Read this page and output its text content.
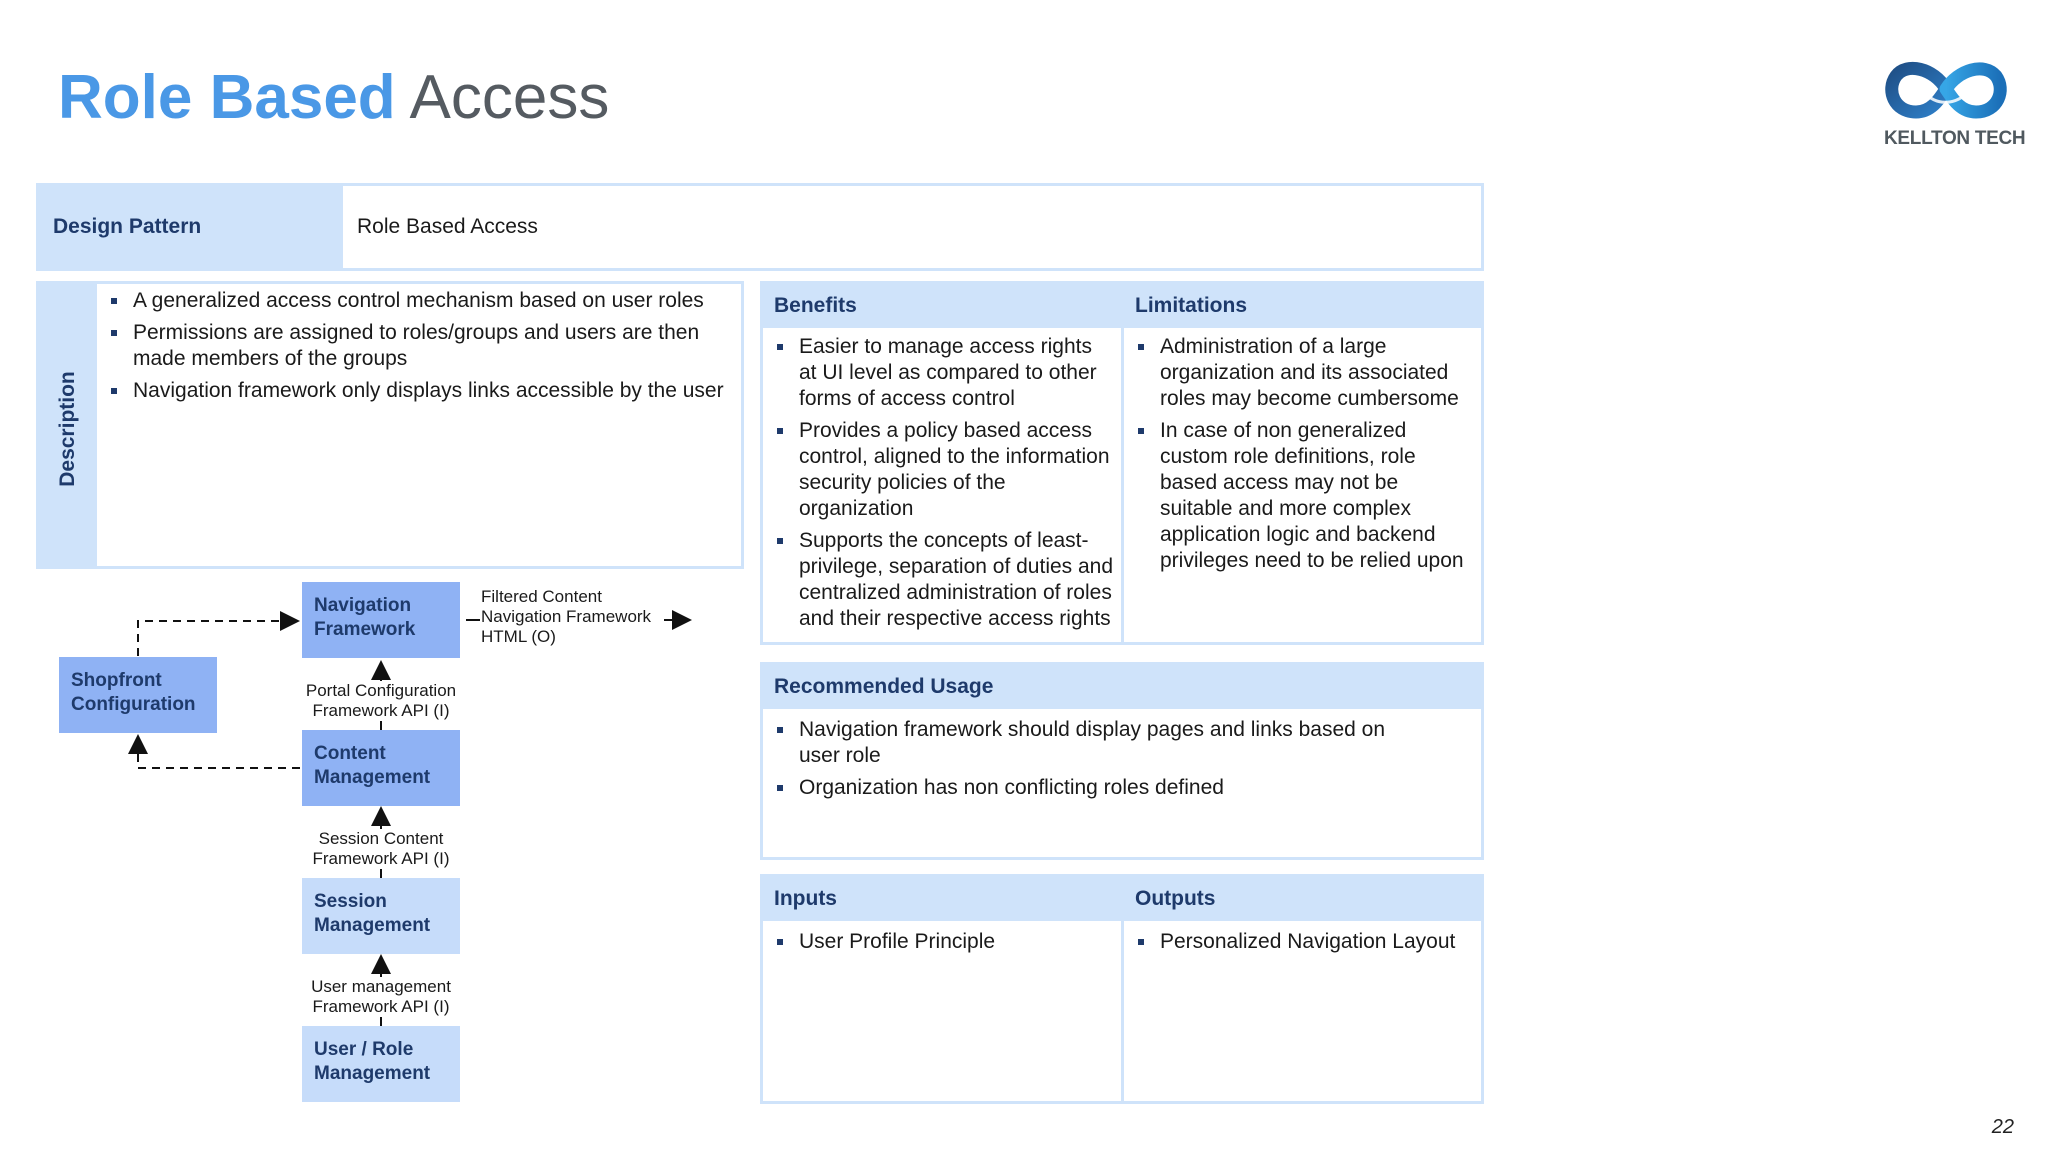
Role Based Access
KELLTON TECH
Design Pattern	Role Based Access
Description
A generalized access control mechanism based on user roles
Permissions are assigned to roles/groups and users are then made members of the groups
Navigation framework only displays links accessible by the user
Benefits
Easier to manage access rights at UI level as compared to other forms of access control
Provides a policy based access control, aligned to the information security policies of the organization
Supports the concepts of least-privilege, separation of duties and centralized administration of roles and their respective access rights
Limitations
Administration of a large organization and its associated roles may become cumbersome
In case of non generalized custom role definitions, role based access may not be suitable and more complex application logic and backend privileges need to be relied upon
Recommended Usage
Navigation framework should display pages and links based on user role
Organization has non conflicting roles defined
Inputs
User Profile Principle
Outputs
Personalized Navigation Layout
Navigation Framework
Shopfront Configuration
Content Management
Session Management
User / Role Management
Filtered Content
Navigation Framework
HTML (O)
Portal Configuration
Framework API (I)
Session Content
Framework API (I)
User management
Framework API (I)
22
